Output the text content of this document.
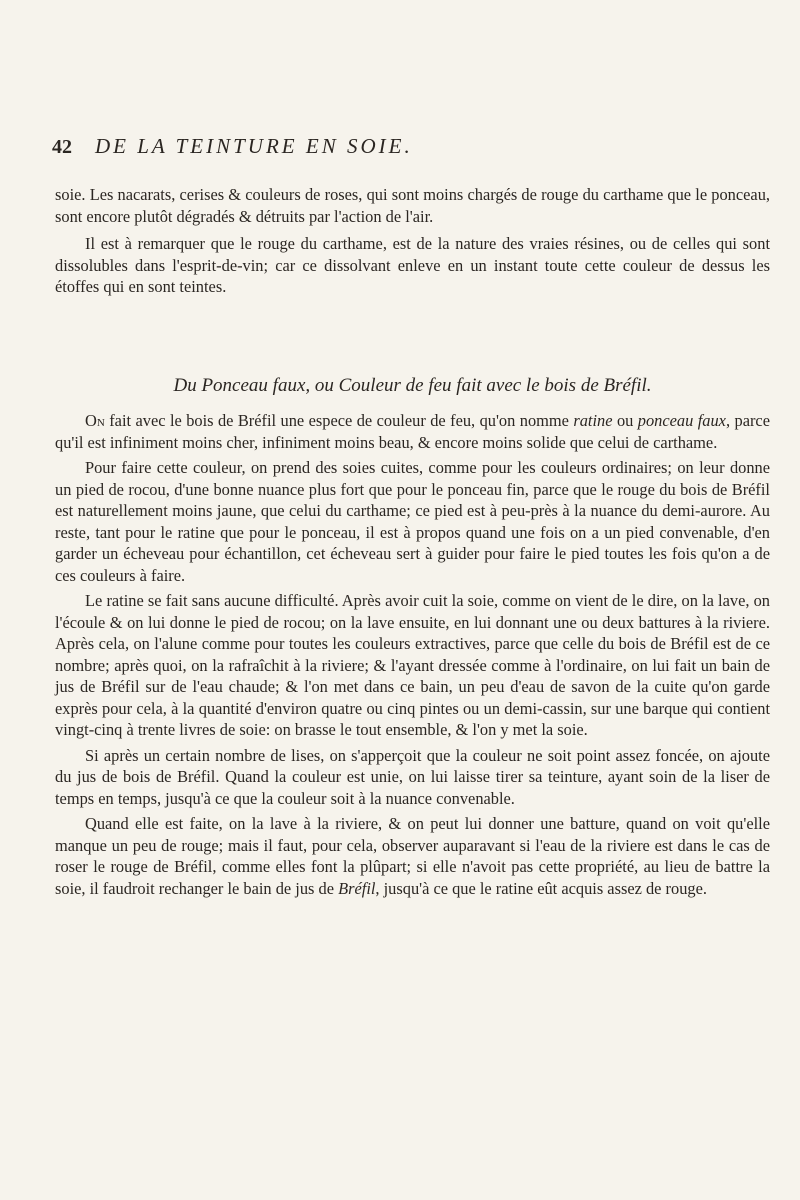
42 DE LA TEINTURE EN SOIE.

soie. Les nacarats, cerises & couleurs de roses, qui sont moins chargés de rouge du carthame que le ponceau, sont encore plutôt dégradés & détruits par l'action de l'air.

Il est à remarquer que le rouge du carthame, est de la nature des vraies résines, ou de celles qui sont dissolubles dans l'esprit-de-vin; car ce dissolvant enleve en un instant toute cette couleur de dessus les étoffes qui en sont teintes.

Du Ponceau faux, ou Couleur de feu fait avec le bois de Bréfil.

On fait avec le bois de Bréfil une espece de couleur de feu, qu'on nomme ratine ou ponceau faux, parce qu'il est infiniment moins cher, infiniment moins beau, & encore moins solide que celui de carthame.

Pour faire cette couleur, on prend des soies cuites, comme pour les couleurs ordinaires; on leur donne un pied de rocou, d'une bonne nuance plus fort que pour le ponceau fin, parce que le rouge du bois de Bréfil est naturellement moins jaune, que celui du carthame; ce pied est à peu-près à la nuance du demi-aurore. Au reste, tant pour le ratine que pour le ponceau, il est à propos quand une fois on a un pied convenable, d'en garder un écheveau pour échantillon, cet écheveau sert à guider pour faire le pied toutes les fois qu'on a de ces couleurs à faire.

Le ratine se fait sans aucune difficulté. Après avoir cuit la soie, comme on vient de le dire, on la lave, on l'écoule & on lui donne le pied de rocou; on la lave ensuite, en lui donnant une ou deux battures à la riviere. Après cela, on l'alune comme pour toutes les couleurs extractives, parce que celle du bois de Bréfil est de ce nombre; après quoi, on la rafraîchit à la riviere; & l'ayant dressée comme à l'ordinaire, on lui fait un bain de jus de Bréfil sur de l'eau chaude; & l'on met dans ce bain, un peu d'eau de savon de la cuite qu'on garde exprès pour cela, à la quantité d'environ quatre ou cinq pintes ou un demi-cassin, sur une barque qui contient vingt-cinq à trente livres de soie: on brasse le tout ensemble, & l'on y met la soie.

Si après un certain nombre de lises, on s'apperçoit que la couleur ne soit point assez foncée, on ajoute du jus de bois de Bréfil. Quand la couleur est unie, on lui laisse tirer sa teinture, ayant soin de la liser de temps en temps, jusqu'à ce que la couleur soit à la nuance convenable.

Quand elle est faite, on la lave à la riviere, & on peut lui donner une batture, quand on voit qu'elle manque un peu de rouge; mais il faut, pour cela, observer auparavant si l'eau de la riviere est dans le cas de roser le rouge de Bréfil, comme elles font la plûpart; si elle n'avoit pas cette propriété, au lieu de battre la soie, il faudroit rechanger le bain de jus de Bréfil, jusqu'à ce que le ratine eût acquis assez de rouge.
